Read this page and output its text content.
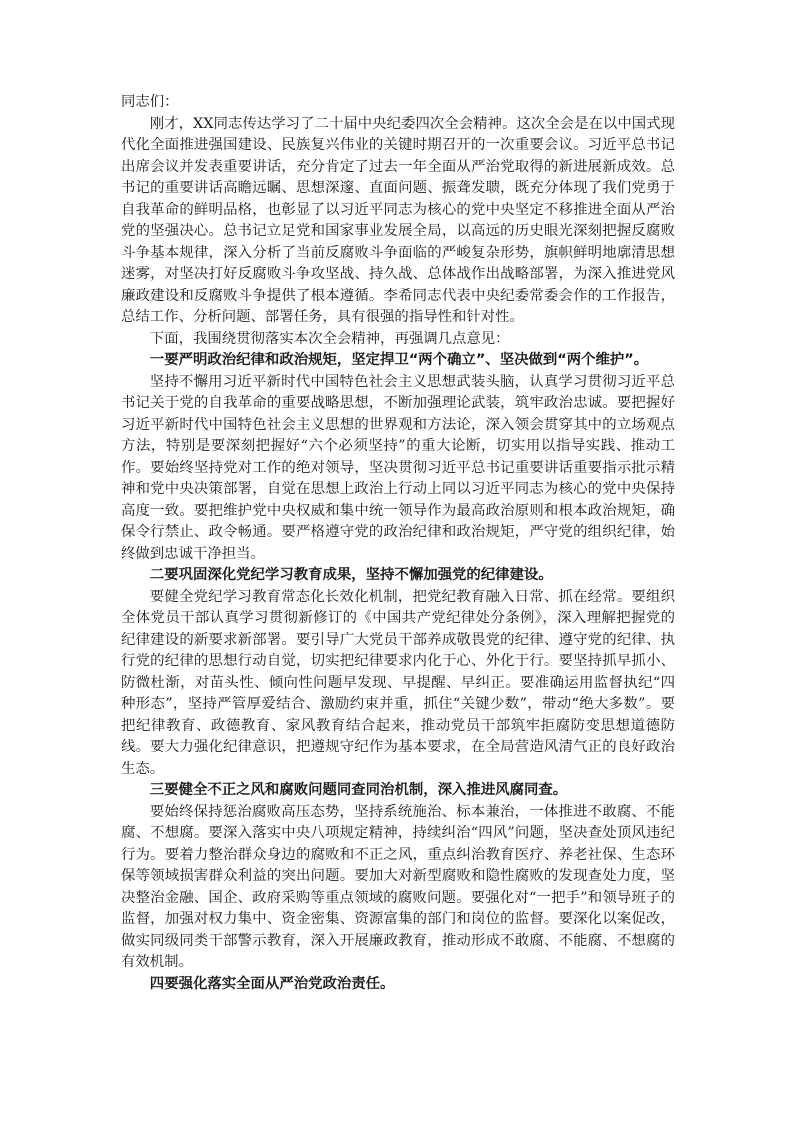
同志们：

刚才，XX同志传达学习了二十届中央纪委四次全会精神。这次全会是在以中国式现代化全面推进强国建设、民族复兴伟业的关键时期召开的一次重要会议。习近平总书记出席会议并发表重要讲话，充分肯定了过去一年全面从严治党取得的新进展新成效。总书记的重要讲话高瞻远瞩、思想深邃、直面问题、振聋发聩，既充分体现了我们党勇于自我革命的鲜明品格，也彰显了以习近平同志为核心的党中央坚定不移推进全面从严治党的坚强决心。总书记立足党和国家事业发展全局，以高远的历史眼光深刻把握反腐败斗争基本规律，深入分析了当前反腐败斗争面临的严峻复杂形势，旗帜鲜明地廓清思想迷雾，对坚决打好反腐败斗争攻坚战、持久战、总体战作出战略部署，为深入推进党风廉政建设和反腐败斗争提供了根本遵循。李希同志代表中央纪委常委会作的工作报告，总结工作、分析问题、部署任务，具有很强的指导性和针对性。

下面，我围绕贯彻落实本次全会精神，再强调几点意见：

一要严明政治纪律和政治规矩，坚定捍卫“两个确立”、坚决做到“两个维护”。

坚持不懈用习近平新时代中国特色社会主义思想武装头脑，认真学习贯彻习近平总书记关于党的自我革命的重要战略思想，不断加强理论武装，筑牢政治忠诚。要把握好习近平新时代中国特色社会主义思想的世界观和方法论，深入领会贯穿其中的立场观点方法，特别是要深刻把握好“六个必须坚持”的重大论断，切实用以指导实践、推动工作。要始终坚持党对工作的绝对领导，坚决贯彻习近平总书记重要讲话重要指示批示精神和党中央决策部署，自觉在思想上政治上行动上同以习近平同志为核心的党中央保持高度一致。要把维护党中央权威和集中统一领导作为最高政治原则和根本政治规矩，确保令行禁止、政令畅通。要严格遵守党的政治纪律和政治规矩，严守党的组织纪律，始终做到忠诚干净担当。

二要巩固深化党纪学习教育成果，坚持不懈加强党的纪律建设。

要健全党纪学习教育常态化长效化机制，把党纪教育融入日常、抓在经常。要组织全体党员干部认真学习贯彻新修订的《中国共产党纪律处分条例》，深入理解把握党的纪律建设的新要求新部署。要引导广大党员干部养成敬畏党的纪律、遵守党的纪律、执行党的纪律的思想行动自觉，切实把纪律要求内化于心、外化于行。要坚持抓早抓小、防微杜渐，对苗头性、倾向性问题早发现、早提醒、早纠正。要准确运用监督执纪“四种形态”，坚持严管厚爱结合、激励约束并重，抓住“关键少数”，带动“绝大多数”。要把纪律教育、政德教育、家风教育结合起来，推动党员干部筑牢拒腐防变思想道德防线。要大力强化纪律意识，把遵规守纪作为基本要求，在全局营造风清气正的良好政治生态。

三要健全不正之风和腐败问题同查同治机制，深入推进风腐同查。

要始终保持惩治腐败高压态势，坚持系统施治、标本兼治，一体推进不敢腐、不能腐、不想腐。要深入落实中央八项规定精神，持续纠治“四风”问题，坚决查处顶风违纪行为。要着力整治群众身边的腐败和不正之风，重点纠治教育医疗、养老社保、生态环保等领域损害群众利益的突出问题。要加大对新型腐败和隐性腐败的发现查处力度，坚决整治金融、国企、政府采购等重点领域的腐败问题。要强化对“一把手”和领导班子的监督，加强对权力集中、资金密集、资源富集的部门和岗位的监督。要深化以案促改，做实同级同类干部警示教育，深入开展廉政教育，推动形成不敢腐、不能腐、不想腐的有效机制。

四要强化落实全面从严治党政治责任。
